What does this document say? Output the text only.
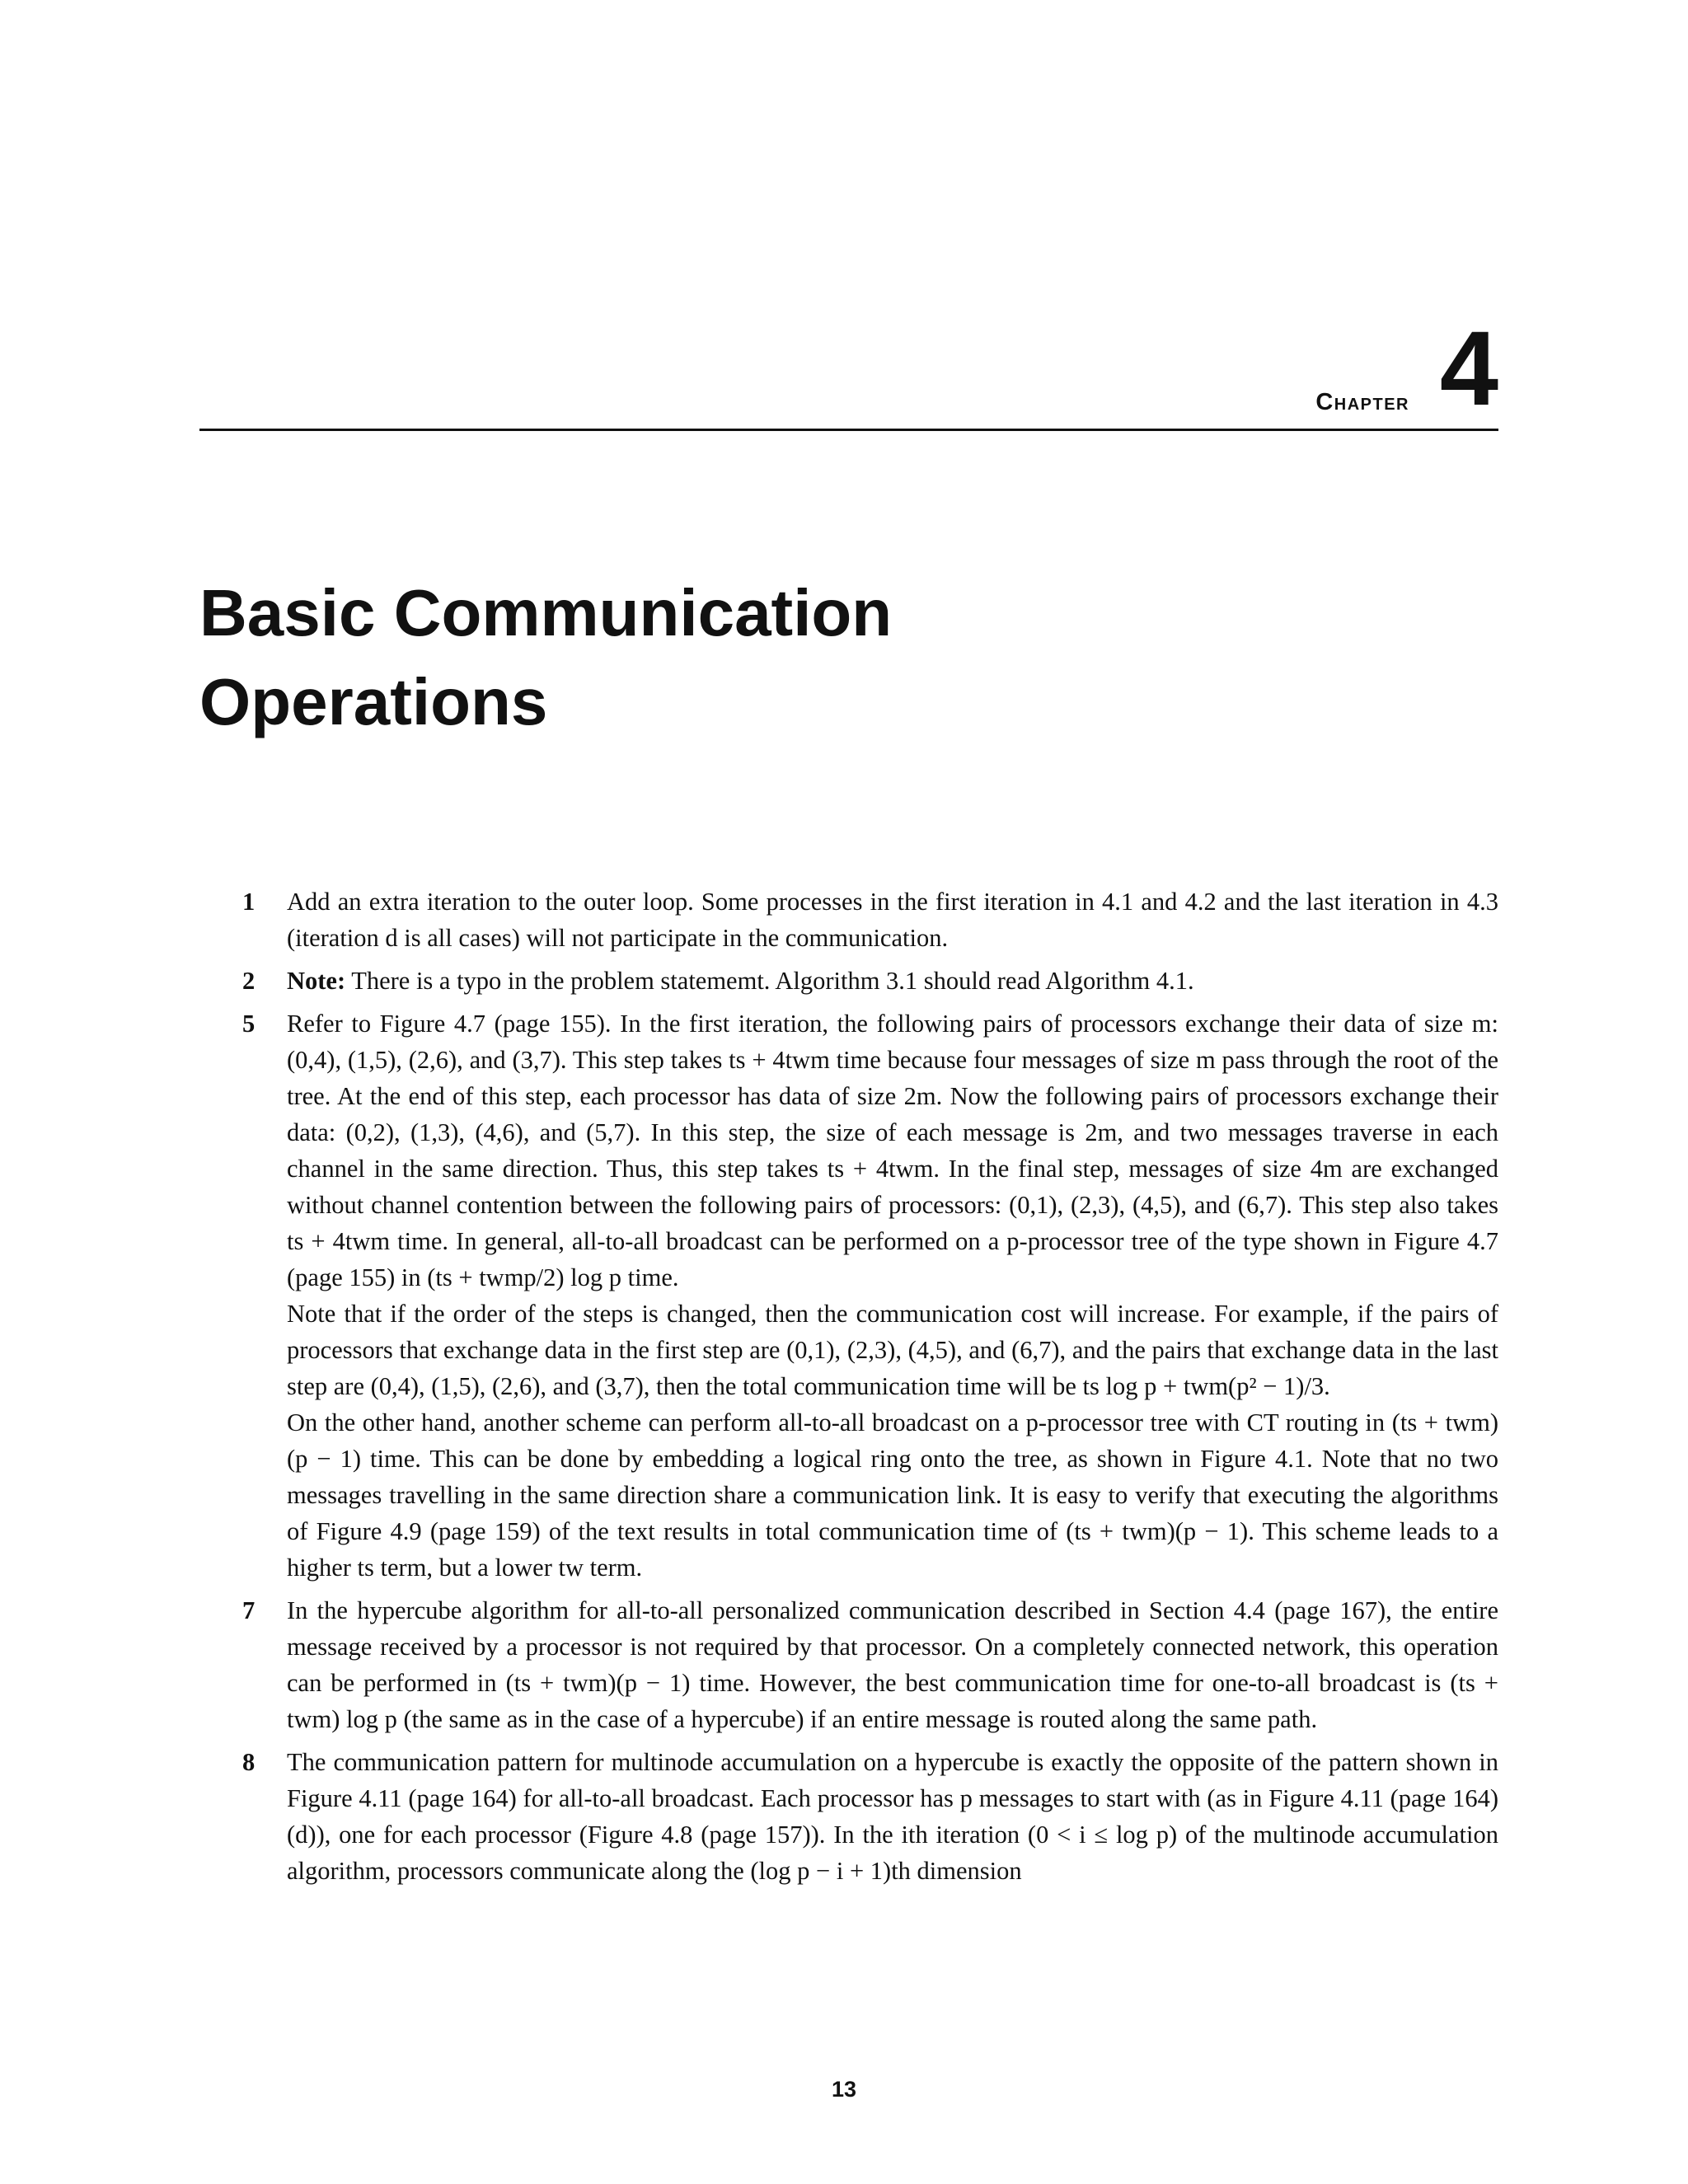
Chapter 4
Basic Communication
Operations
1	Add an extra iteration to the outer loop. Some processes in the first iteration in 4.1 and 4.2 and the last iteration in 4.3 (iteration d is all cases) will not participate in the communication.

2	Note: There is a typo in the problem statememt. Algorithm 3.1 should read Algorithm 4.1.

5	Refer to Figure 4.7 (page 155). In the first iteration, the following pairs of processors exchange their data of size m: (0,4), (1,5), (2,6), and (3,7). This step takes ts + 4twm time because four messages of size m pass through the root of the tree. At the end of this step, each processor has data of size 2m. Now the following pairs of processors exchange their data: (0,2), (1,3), (4,6), and (5,7). In this step, the size of each message is 2m, and two messages traverse in each channel in the same direction. Thus, this step takes ts + 4twm. In the final step, messages of size 4m are exchanged without channel contention between the following pairs of processors: (0,1), (2,3), (4,5), and (6,7). This step also takes ts + 4twm time. In general, all-to-all broadcast can be performed on a p-processor tree of the type shown in Figure 4.7 (page 155) in (ts + twmp/2) log p time.

Note that if the order of the steps is changed, then the communication cost will increase. For example, if the pairs of processors that exchange data in the first step are (0,1), (2,3), (4,5), and (6,7), and the pairs that exchange data in the last step are (0,4), (1,5), (2,6), and (3,7), then the total communication time will be ts log p + twm(p² − 1)/3.

On the other hand, another scheme can perform all-to-all broadcast on a p-processor tree with CT routing in (ts + twm)(p − 1) time. This can be done by embedding a logical ring onto the tree, as shown in Figure 4.1. Note that no two messages travelling in the same direction share a communication link. It is easy to verify that executing the algorithms of Figure 4.9 (page 159) of the text results in total communication time of (ts + twm)(p − 1). This scheme leads to a higher ts term, but a lower tw term.

7	In the hypercube algorithm for all-to-all personalized communication described in Section 4.4 (page 167), the entire message received by a processor is not required by that processor. On a completely connected network, this operation can be performed in (ts + twm)(p − 1) time. However, the best communication time for one-to-all broadcast is (ts + twm) log p (the same as in the case of a hypercube) if an entire message is routed along the same path.

8	The communication pattern for multinode accumulation on a hypercube is exactly the opposite of the pattern shown in Figure 4.11 (page 164) for all-to-all broadcast. Each processor has p messages to start with (as in Figure 4.11 (page 164)(d)), one for each processor (Figure 4.8 (page 157)). In the ith iteration (0 < i ≤ log p) of the multinode accumulation algorithm, processors communicate along the (log p − i + 1)th dimension

13
